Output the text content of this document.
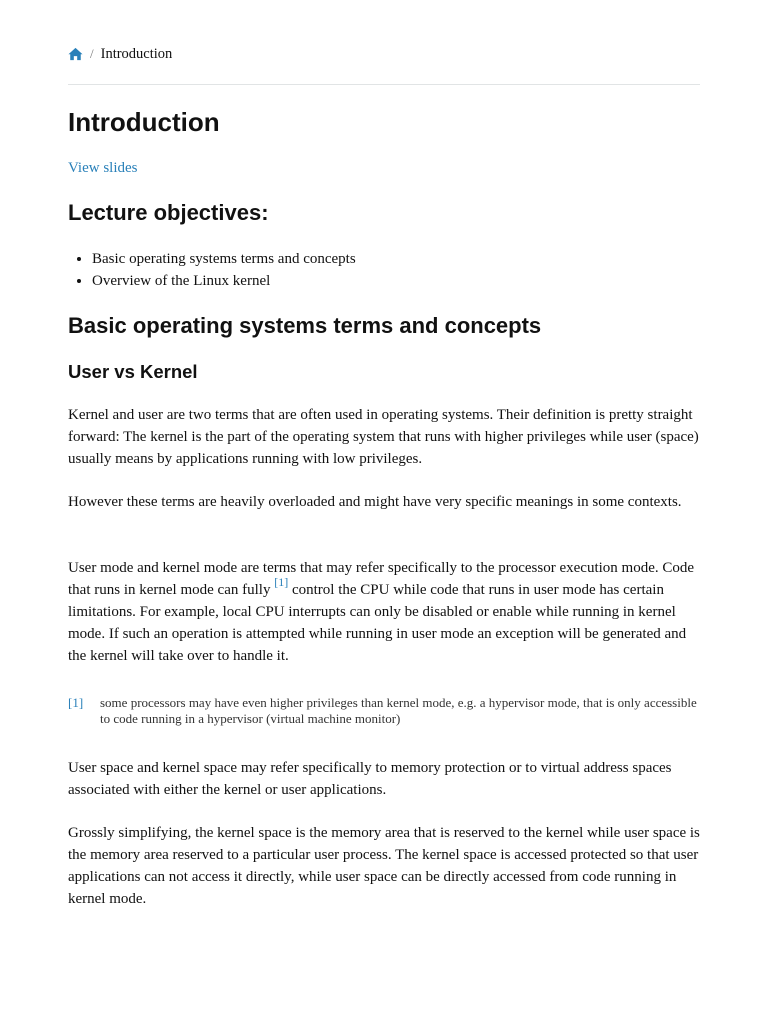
/ Introduction
Introduction
View slides
Lecture objectives:
• Basic operating systems terms and concepts
• Overview of the Linux kernel
Basic operating systems terms and concepts
User vs Kernel

Kernel and user are two terms that are often used in operating systems. Their definition is pretty straight forward: The kernel is the part of the operating system that runs with higher privileges while user (space) usually means by applications running with low privileges.

However these terms are heavily overloaded and might have very specific meanings in some contexts.

User mode and kernel mode are terms that may refer specifically to the processor execution mode. Code that runs in kernel mode can fully [1] control the CPU while code that runs in user mode has certain limitations. For example, local CPU interrupts can only be disabled or enable while running in kernel mode. If such an operation is attempted while running in user mode an exception will be generated and the kernel will take over to handle it.

[1]	some processors may have even higher privileges than kernel mode, e.g. a hypervisor mode, that is only accessible to code running in a hypervisor (virtual machine monitor)

User space and kernel space may refer specifically to memory protection or to virtual address spaces associated with either the kernel or user applications.

Grossly simplifying, the kernel space is the memory area that is reserved to the kernel while user space is the memory area reserved to a particular user process. The kernel space is accessed protected so that user applications can not access it directly, while user space can be directly accessed from code running in kernel mode.
